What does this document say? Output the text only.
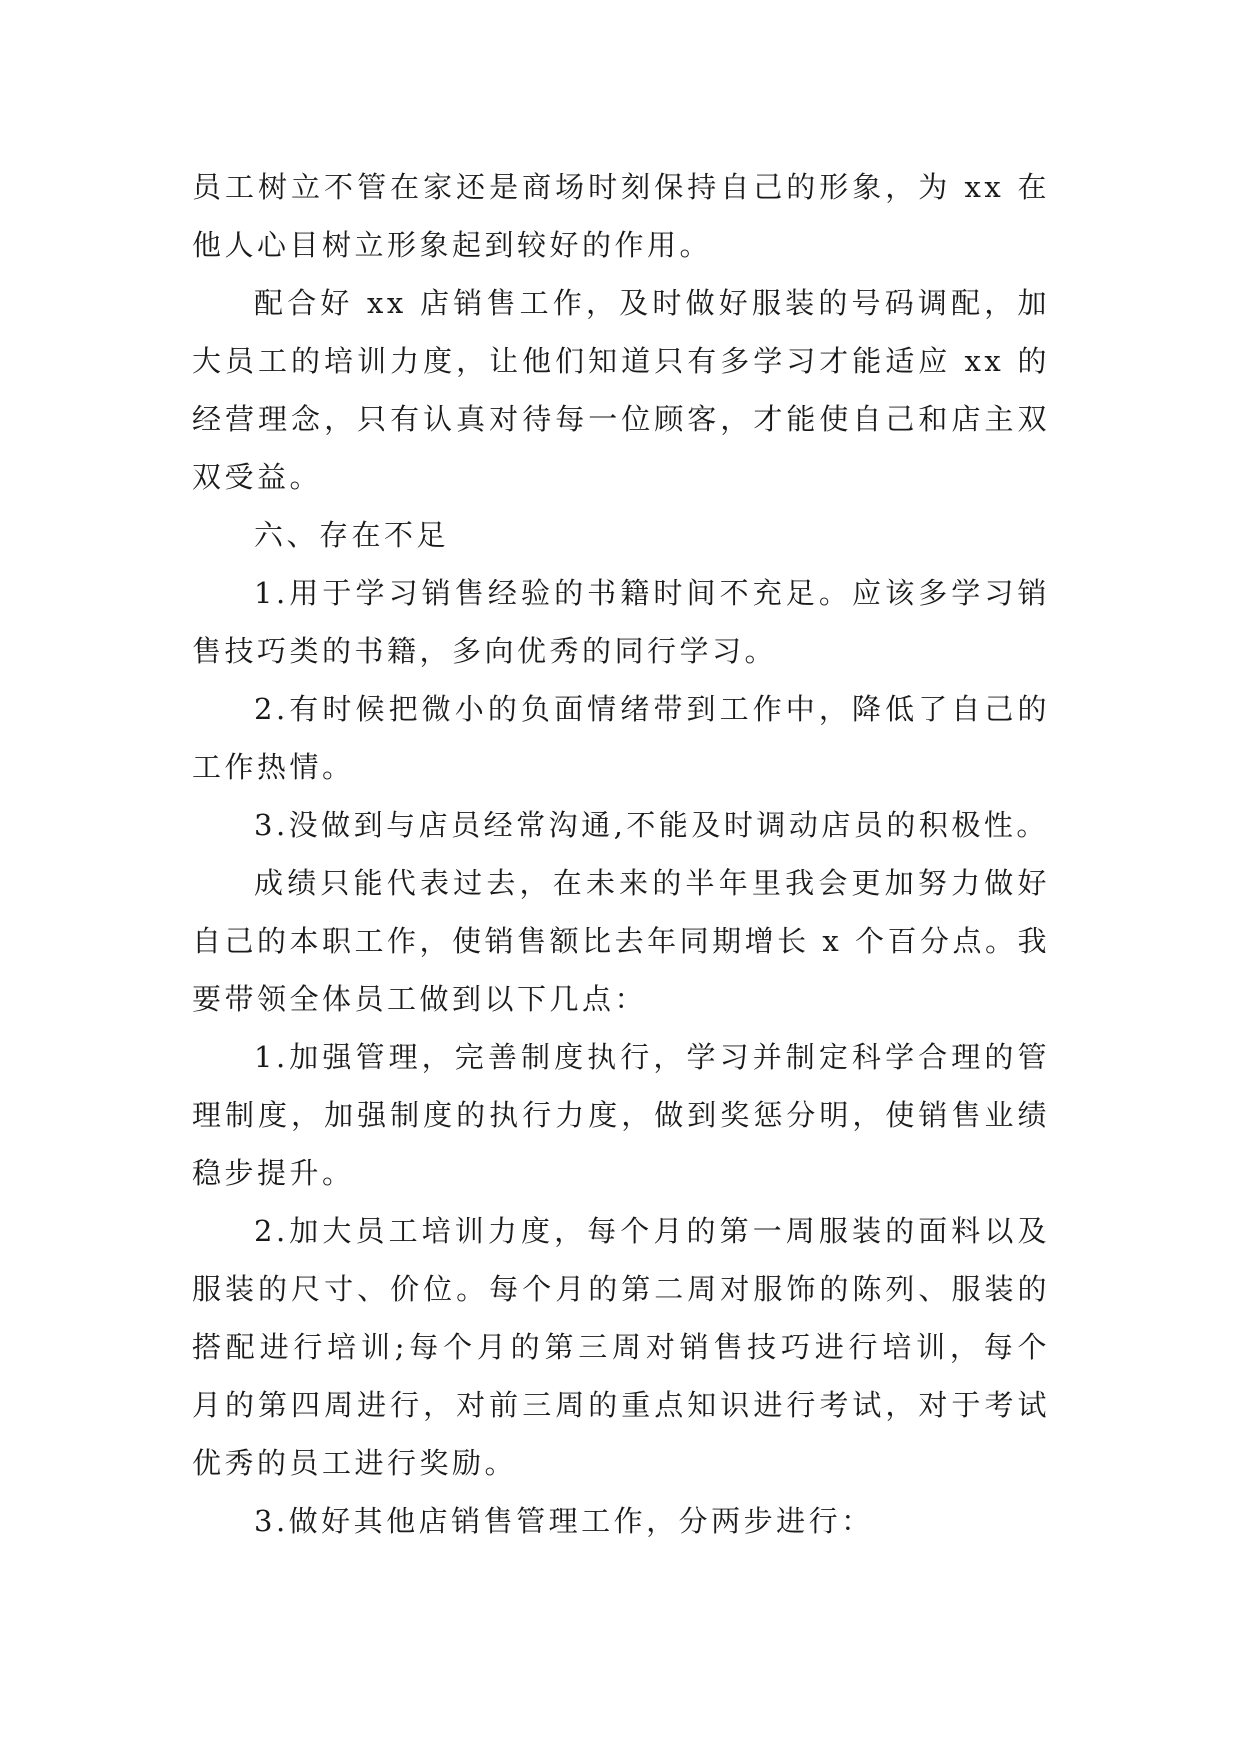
员工树立不管在家还是商场时刻保持自己的形象，为 xx 在他人心目树立形象起到较好的作用。

配合好 xx 店销售工作，及时做好服装的号码调配，加大员工的培训力度，让他们知道只有多学习才能适应 xx 的经营理念，只有认真对待每一位顾客，才能使自己和店主双双受益。

六、存在不足

1.用于学习销售经验的书籍时间不充足。应该多学习销售技巧类的书籍，多向优秀的同行学习。

2.有时候把微小的负面情绪带到工作中，降低了自己的工作热情。

3.没做到与店员经常沟通,不能及时调动店员的积极性。

成绩只能代表过去，在未来的半年里我会更加努力做好自己的本职工作，使销售额比去年同期增长 x 个百分点。我要带领全体员工做到以下几点：

1.加强管理，完善制度执行，学习并制定科学合理的管理制度，加强制度的执行力度，做到奖惩分明，使销售业绩稳步提升。

2.加大员工培训力度，每个月的第一周服装的面料以及服装的尺寸、价位。每个月的第二周对服饰的陈列、服装的搭配进行培训;每个月的第三周对销售技巧进行培训，每个月的第四周进行，对前三周的重点知识进行考试，对于考试优秀的员工进行奖励。

3.做好其他店销售管理工作，分两步进行：
